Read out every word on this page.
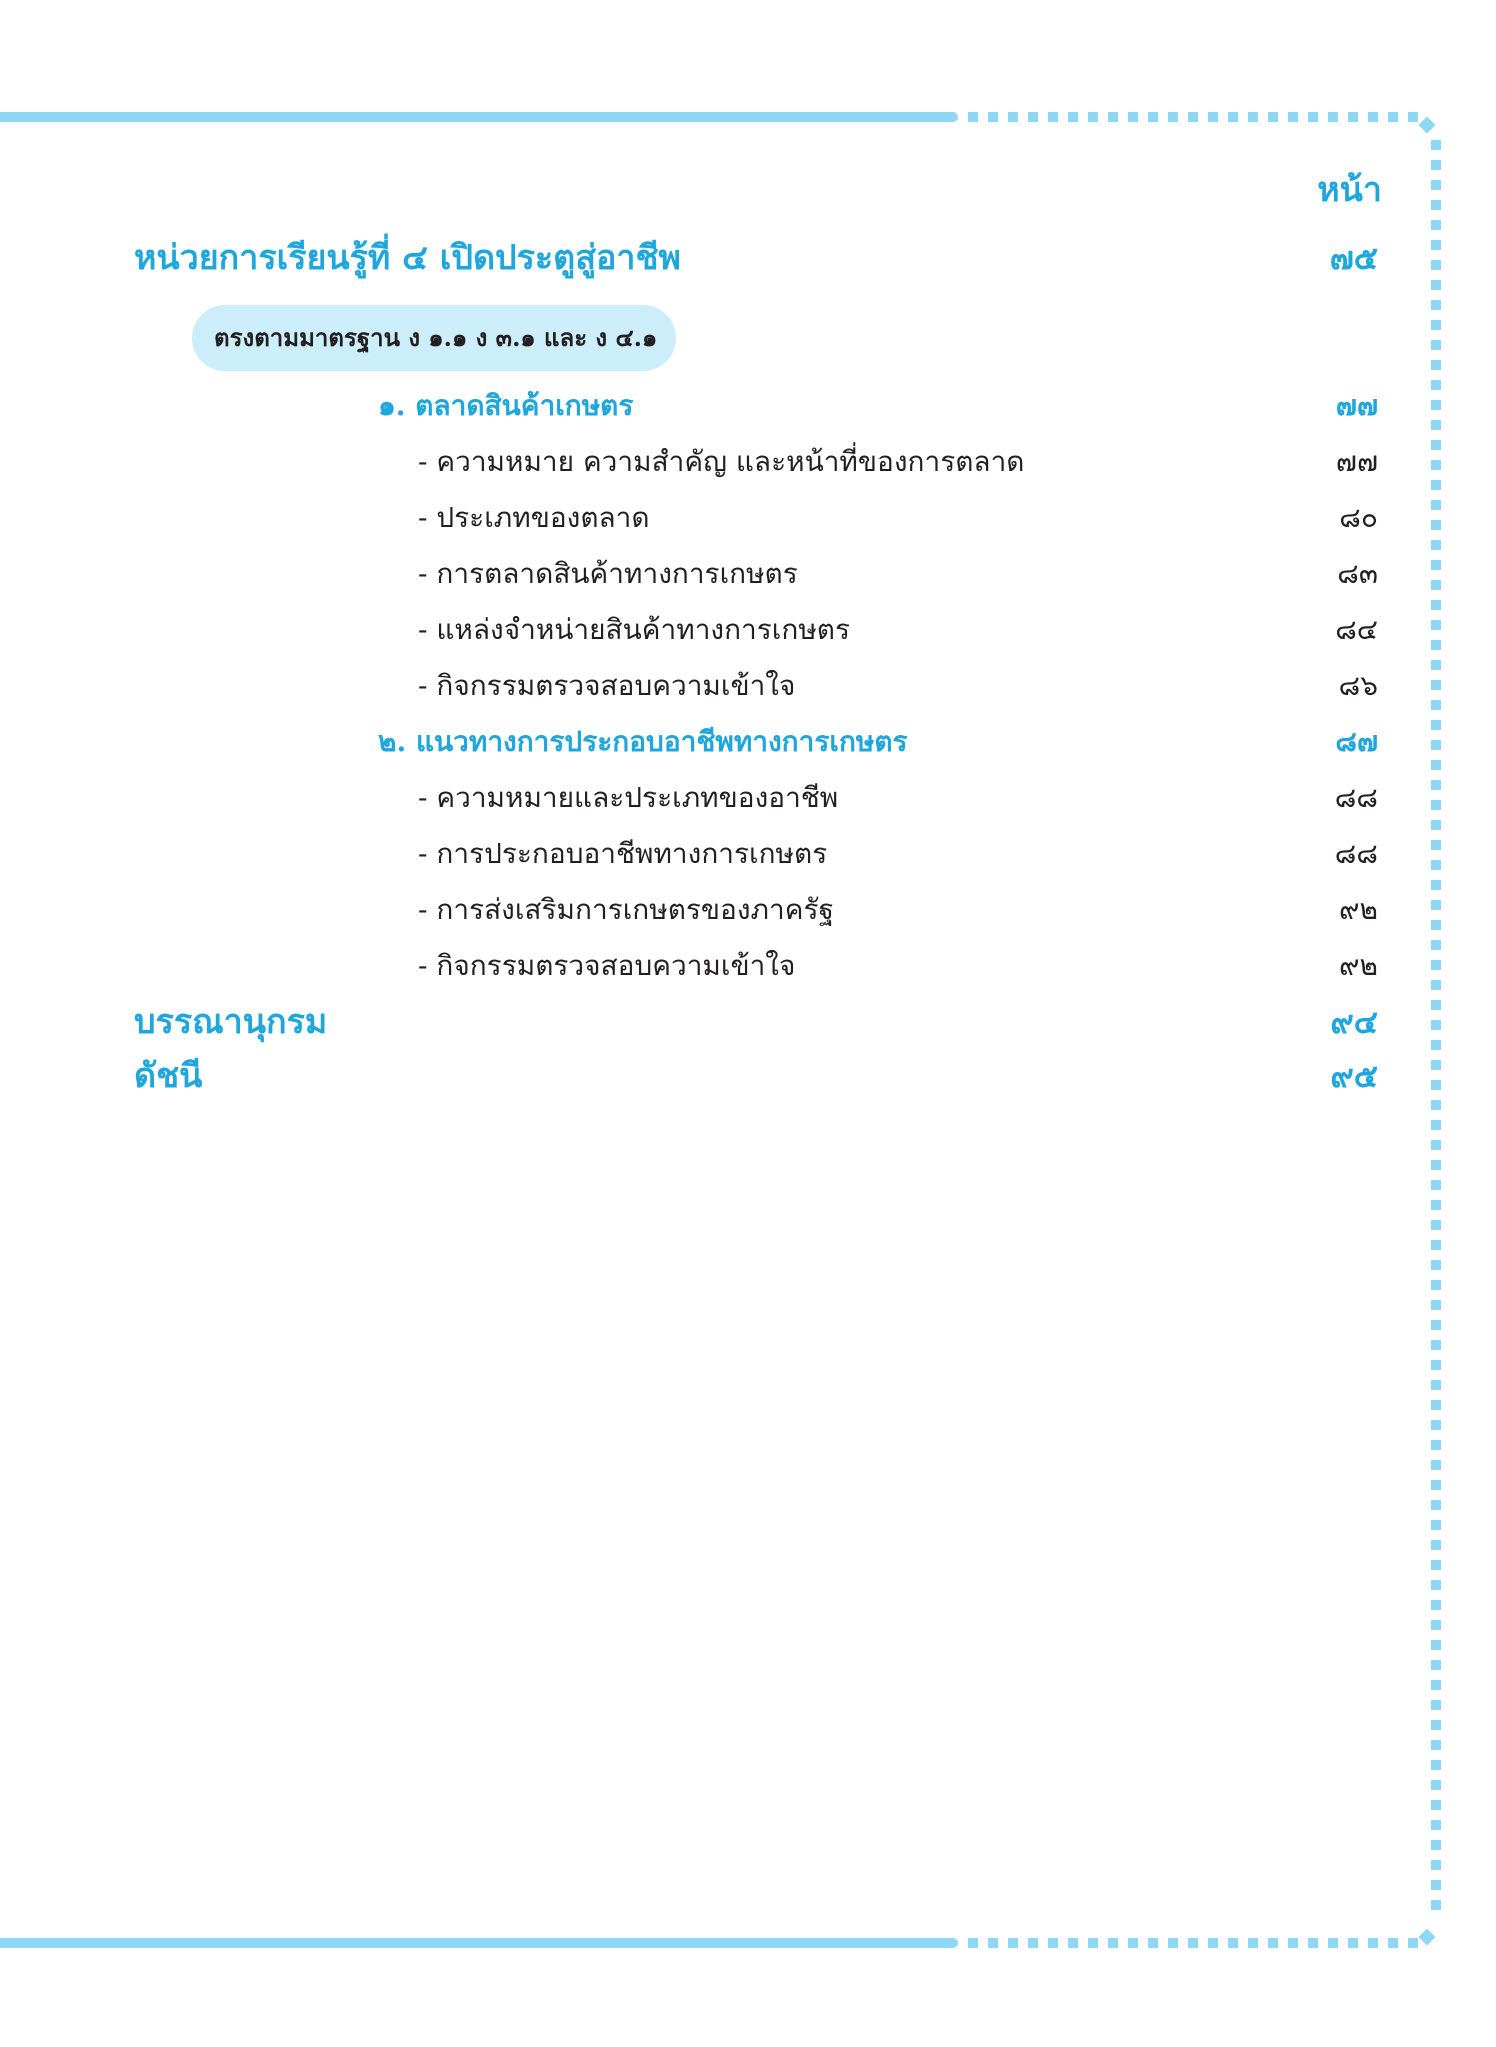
หน้า
หน่วยการเรียนรู้ที่ ๔ เปิดประตูสู่อาชีพ	๗๕
ตรงตามมาตรฐาน ง ๑.๑ ง ๓.๑ และ ง ๔.๑
๑. ตลาดสินค้าเกษตร	๗๗
- ความหมาย ความสำคัญ และหน้าที่ของการตลาด	๗๗
- ประเภทของตลาด	๘๐
- การตลาดสินค้าทางการเกษตร	๘๓
- แหล่งจำหน่ายสินค้าทางการเกษตร	๘๔
- กิจกรรมตรวจสอบความเข้าใจ	๘๖
๒. แนวทางการประกอบอาชีพทางการเกษตร	๘๗
- ความหมายและประเภทของอาชีพ	๘๘
- การประกอบอาชีพทางการเกษตร	๘๘
- การส่งเสริมการเกษตรของภาครัฐ	๙๒
- กิจกรรมตรวจสอบความเข้าใจ	๙๒
บรรณานุกรม	๙๔
ดัชนี	๙๕
